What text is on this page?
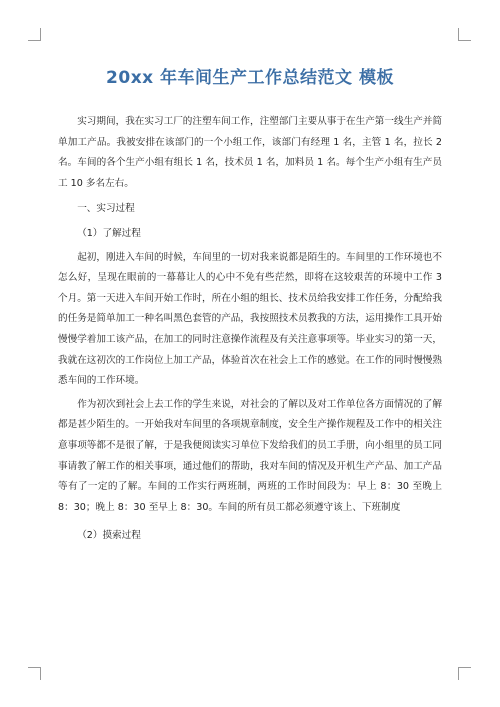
20xx 年车间生产工作总结范文 模板

实习期间，我在实习工厂的注塑车间工作，注塑部门主要从事于在生产第一线生产并简单加工产品。我被安排在该部门的一个小组工作，该部门有经理 1 名，主管 1 名，拉长 2 名。车间的各个生产小组有组长 1 名，技术员 1 名，加料员 1 名。每个生产小组有生产员工 10 多名左右。

一、实习过程

（1）了解过程

起初，刚进入车间的时候，车间里的一切对我来说都是陌生的。车间里的工作环境也不怎么好，呈现在眼前的一幕幕让人的心中不免有些茫然，即将在这较艰苦的环境中工作 3 个月。第一天进入车间开始工作时，所在小组的组长、技术员给我安排工作任务，分配给我的任务是简单加工一种名叫黑色套管的产品，我按照技术员教我的方法，运用操作工具开始慢慢学着加工该产品，在加工的同时注意操作流程及有关注意事项等。毕业实习的第一天，我就在这初次的工作岗位上加工产品，体验首次在社会上工作的感觉。在工作的同时慢慢熟悉车间的工作环境。

作为初次到社会上去工作的学生来说，对社会的了解以及对工作单位各方面情况的了解都是甚少陌生的。一开始我对车间里的各项规章制度，安全生产操作规程及工作中的相关注意事项等都不是很了解，于是我便阅读实习单位下发给我们的员工手册，向小组里的员工同事请教了解工作的相关事项，通过他们的帮助，我对车间的情况及开机生产产品、加工产品等有了一定的了解。车间的工作实行两班制，两班的工作时间段为：早上 8：30 至晚上 8：30；晚上 8：30 至早上 8：30。车间的所有员工都必须遵守该上、下班制度

（2）摸索过程
